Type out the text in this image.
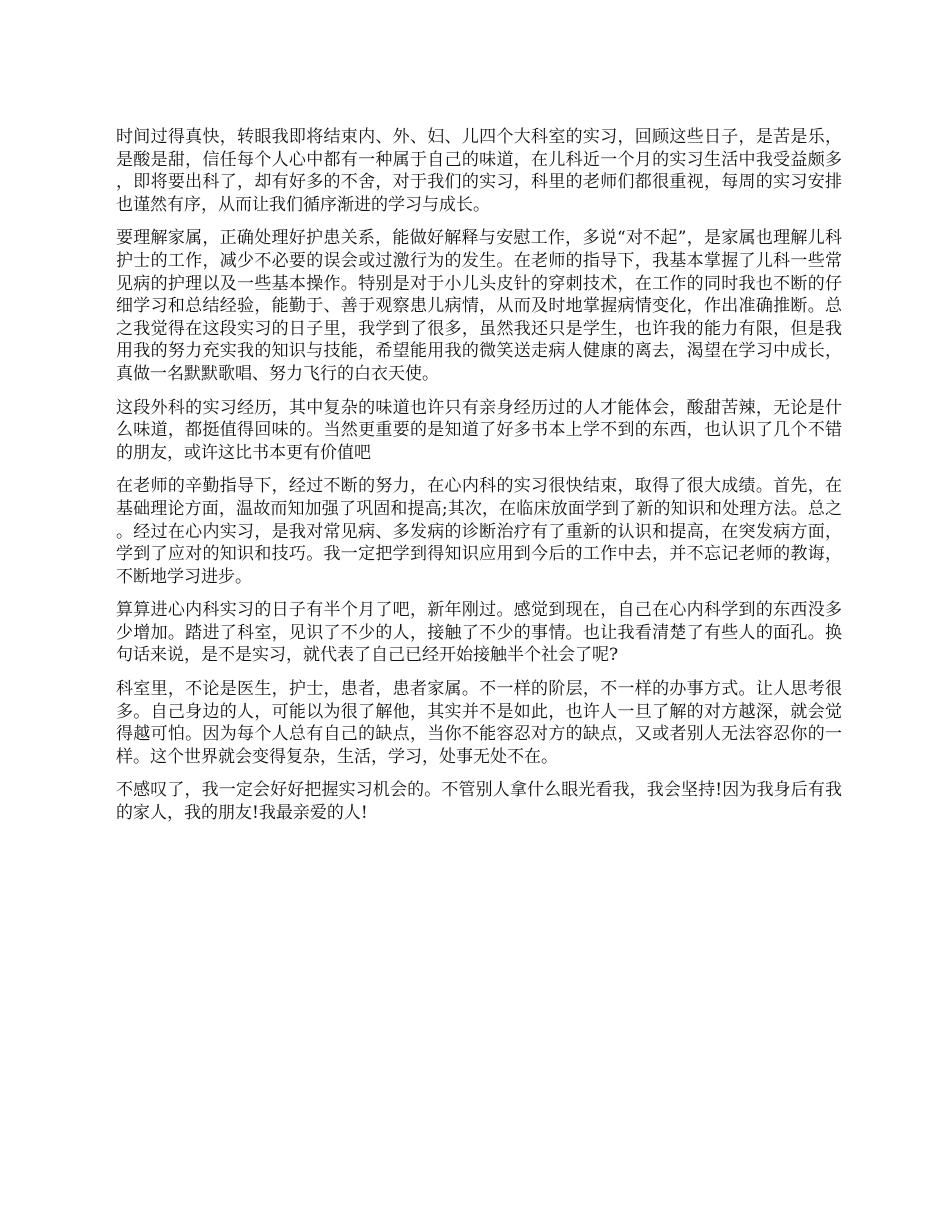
时间过得真快，转眼我即将结束内、外、妇、儿四个大科室的实习，回顾这些日子，是苦是乐，是酸是甜，信任每个人心中都有一种属于自己的味道，在儿科近一个月的实习生活中我受益颇多，即将要出科了，却有好多的不舍，对于我们的实习，科里的老师们都很重视，每周的实习安排也谨然有序，从而让我们循序渐进的学习与成长。

要理解家属，正确处理好护患关系，能做好解释与安慰工作，多说“对不起”，是家属也理解儿科护士的工作，减少不必要的误会或过激行为的发生。在老师的指导下，我基本掌握了儿科一些常见病的护理以及一些基本操作。特别是对于小儿头皮针的穿刺技术，在工作的同时我也不断的仔细学习和总结经验，能勤于、善于观察患儿病情，从而及时地掌握病情变化，作出准确推断。总之我觉得在这段实习的日子里，我学到了很多，虽然我还只是学生，也许我的能力有限，但是我用我的努力充实我的知识与技能，希望能用我的微笑送走病人健康的离去，渴望在学习中成长，真做一名默默歌唱、努力飞行的白衣天使。

这段外科的实习经历，其中复杂的味道也许只有亲身经历过的人才能体会，酸甜苦辣，无论是什么味道，都挺值得回味的。当然更重要的是知道了好多书本上学不到的东西，也认识了几个不错的朋友，或许这比书本更有价值吧

在老师的辛勤指导下，经过不断的努力，在心内科的实习很快结束，取得了很大成绩。首先，在基础理论方面，温故而知加强了巩固和提高;其次，在临床放面学到了新的知识和处理方法。总之。经过在心内实习，是我对常见病、多发病的诊断治疗有了重新的认识和提高，在突发病方面，学到了应对的知识和技巧。我一定把学到得知识应用到今后的工作中去，并不忘记老师的教诲，不断地学习进步。

算算进心内科实习的日子有半个月了吧，新年刚过。感觉到现在，自己在心内科学到的东西没多少增加。踏进了科室，见识了不少的人，接触了不少的事情。也让我看清楚了有些人的面孔。换句话来说，是不是实习，就代表了自己已经开始接触半个社会了呢?

科室里，不论是医生，护士，患者，患者家属。不一样的阶层，不一样的办事方式。让人思考很多。自己身边的人，可能以为很了解他，其实并不是如此，也许人一旦了解的对方越深，就会觉得越可怕。因为每个人总有自己的缺点，当你不能容忍对方的缺点，又或者别人无法容忍你的一样。这个世界就会变得复杂，生活，学习，处事无处不在。

不感叹了，我一定会好好把握实习机会的。不管别人拿什么眼光看我，我会坚持!因为我身后有我的家人，我的朋友!我最亲爱的人!
